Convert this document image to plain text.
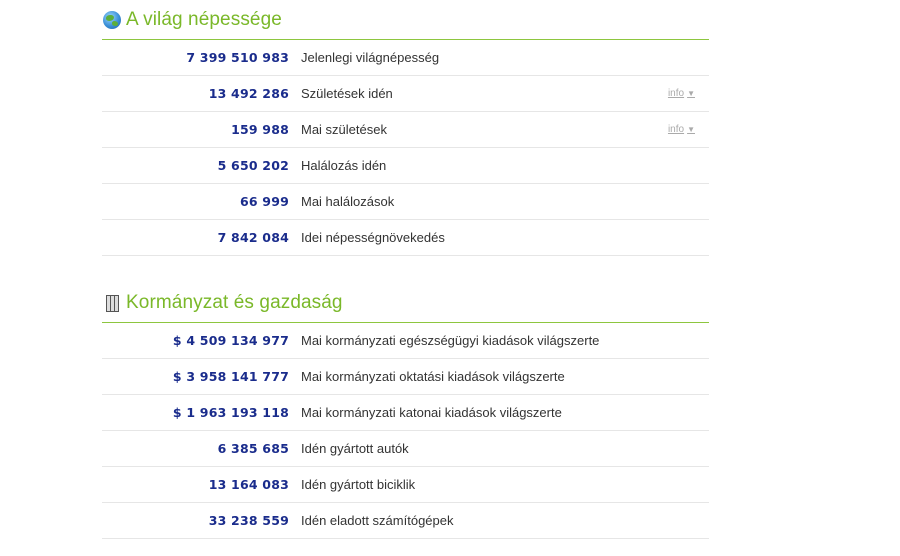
A világ népessége
7 399 510 983 Jelenlegi világnépesség
13 492 286 Születések idén	info ▼
159 988 Mai születések	info ▼
5 650 202 Halálozás idén
66 999 Mai halálozások
7 842 084 Idei népességnövekedés
Kormányzat és gazdaság
$ 4 509 134 977 Mai kormányzati egészségügyi kiadások világszerte
$ 3 958 141 777 Mai kormányzati oktatási kiadások világszerte
$ 1 963 193 118 Mai kormányzati katonai kiadások világszerte
6 385 685 Idén gyártott autók
13 164 083 Idén gyártott biciklik
33 238 559 Idén eladott számítógépek
